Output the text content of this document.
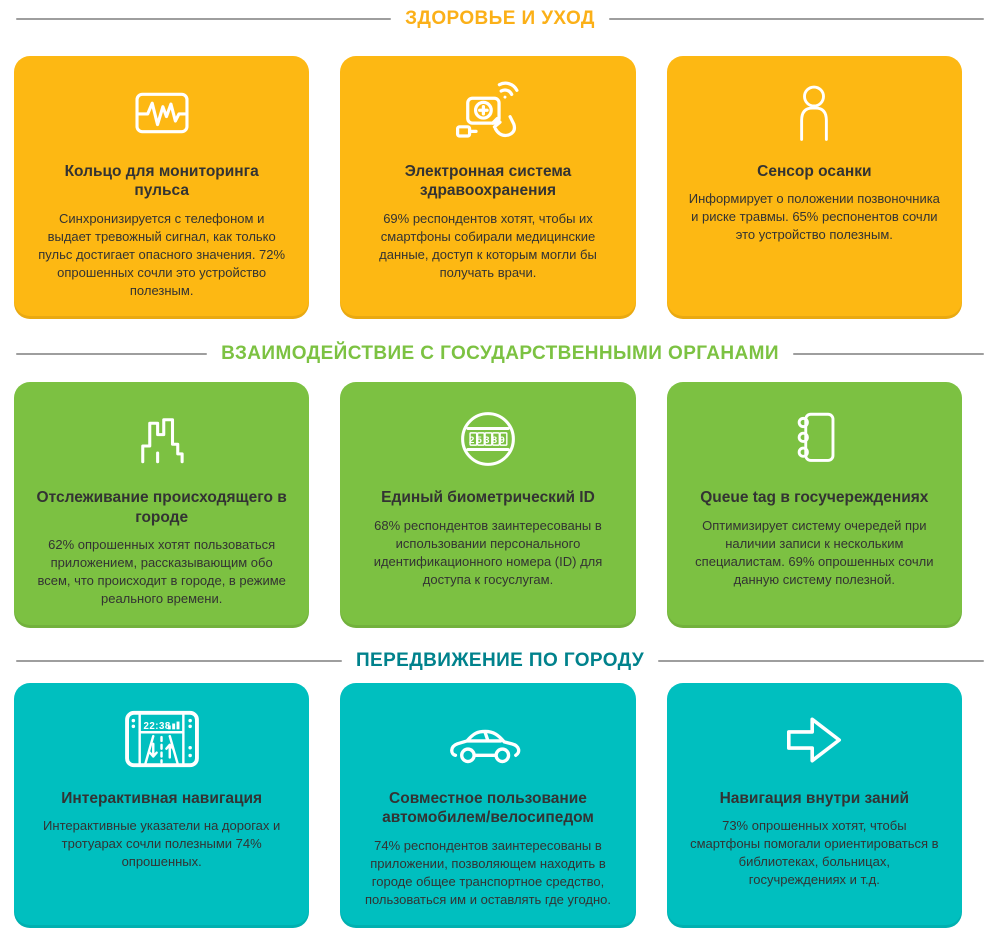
ЗДОРОВЬЕ И УХОД
Кольцо для мониторинга пульса
Синхронизируется с телефоном и выдает тревожный сигнал, как только пульс достигает опасного значения. 72% опрошенных сочли это устройство полезным.
Электронная система здравоохранения
69% респондентов хотят, чтобы их смартфоны собирали медицинские данные, доступ к которым могли бы получать врачи.
Сенсор осанки
Информирует о положении позвоночника и риске травмы. 65% респонентов сочли это устройство полезным.
ВЗАИМОДЕЙСТВИЕ С ГОСУДАРСТВЕННЫМИ ОРГАНАМИ
Отслеживание происходящего в городе
62% опрошенных хотят пользоваться приложением, рассказывающим обо всем, что происходит в городе, в режиме реального времени.
25389
Единый биометрический ID
68% респондентов заинтересованы в использовании персонального идентификационного номера (ID) для доступа к госуслугам.
Queue tag в госучереждениях
Оптимизирует систему очередей при наличии записи к нескольким специалистам. 69% опрошенных сочли данную систему полезной.
ПЕРЕДВИЖЕНИЕ ПО ГОРОДУ
22:38
Интерактивная навигация
Интерактивные указатели на дорогах и тротуарах сочли полезными 74% опрошенных.
Совместное пользование автомобилем/велосипедом
74% респондентов заинтересованы в приложении, позволяющем находить в городе общее транспортное средство, пользоваться им и оставлять где угодно.
Навигация внутри заний
73% опрошенных хотят, чтобы смартфоны помогали ориентироваться в библиотеках, больницах, госучреждениях и т.д.
